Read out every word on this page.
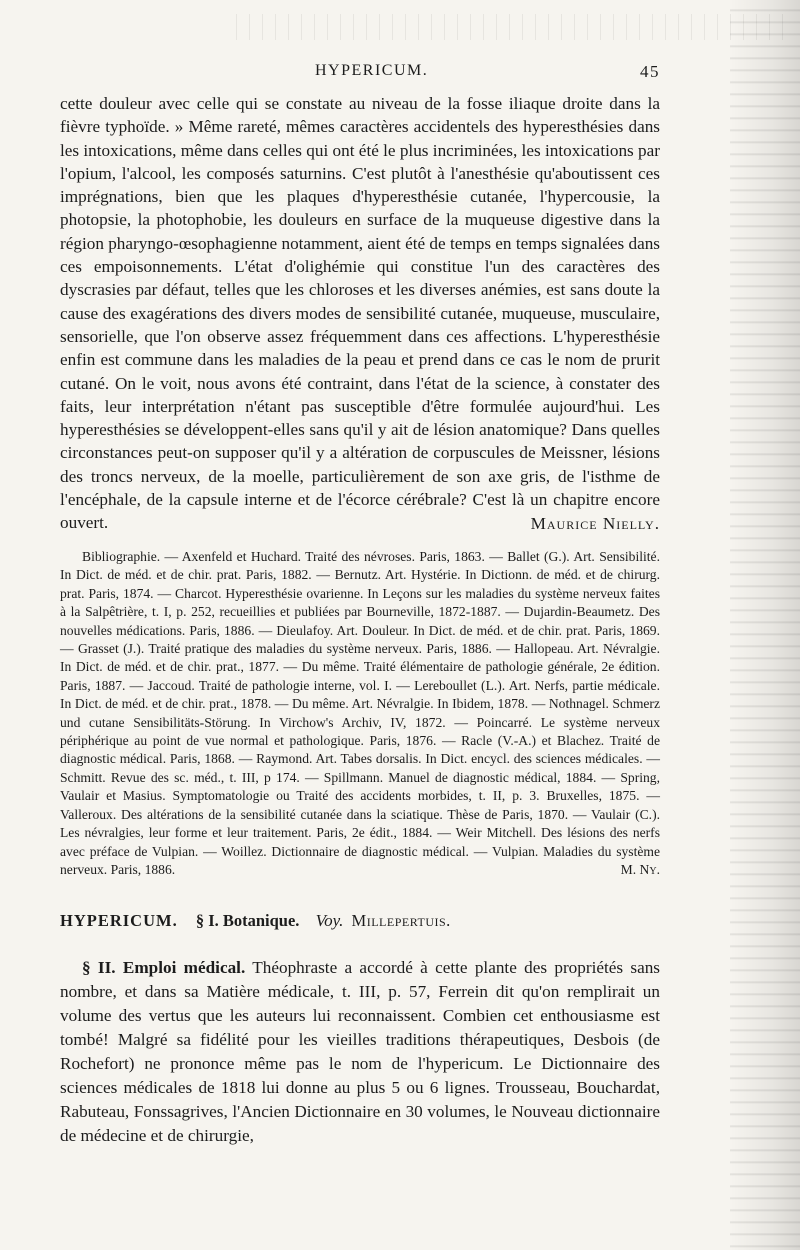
HYPERICUM.	45

cette douleur avec celle qui se constate au niveau de la fosse iliaque droite dans la fièvre typhoïde. » Même rareté, mêmes caractères accidentels des hyperesthésies dans les intoxications, même dans celles qui ont été le plus incriminées, les intoxications par l'opium, l'alcool, les composés saturnins. C'est plutôt à l'anesthésie qu'aboutissent ces imprégnations, bien que les plaques d'hyperesthésie cutanée, l'hypercousie, la photopsie, la photophobie, les douleurs en surface de la muqueuse digestive dans la région pharyngo-œsophagienne notamment, aient été de temps en temps signalées dans ces empoisonnements. L'état d'olighémie qui constitue l'un des caractères des dyscrasies par défaut, telles que les chloroses et les diverses anémies, est sans doute la cause des exagérations des divers modes de sensibilité cutanée, muqueuse, musculaire, sensorielle, que l'on observe assez fréquemment dans ces affections. L'hyperesthésie enfin est commune dans les maladies de la peau et prend dans ce cas le nom de prurit cutané. On le voit, nous avons été contraint, dans l'état de la science, à constater des faits, leur interprétation n'étant pas susceptible d'être formulée aujourd'hui. Les hyperesthésies se développent-elles sans qu'il y ait de lésion anatomique? Dans quelles circonstances peut-on supposer qu'il y a altération de corpuscules de Meissner, lésions des troncs nerveux, de la moelle, particulièrement de son axe gris, de l'isthme de l'encéphale, de la capsule interne et de l'écorce cérébrale? C'est là un chapitre encore ouvert.	Maurice Nielly.

Bibliographie. — Axenfeld et Huchard. Traité des névroses. Paris, 1863. — Ballet (G.). Art. Sensibilité. In Dict. de méd. et de chir. prat. Paris, 1882. — Bernutz. Art. Hystérie. In Dictionn. de méd. et de chirurg. prat. Paris, 1874. — Charcot. Hyperesthésie ovarienne. In Leçons sur les maladies du système nerveux faites à la Salpêtrière, t. I, p. 252, recueillies et publiées par Bourneville, 1872-1887. — Dujardin-Beaumetz. Des nouvelles médications. Paris, 1886. — Dieulafoy. Art. Douleur. In Dict. de méd. et de chir. prat. Paris, 1869. — Grasset (J.). Traité pratique des maladies du système nerveux. Paris, 1886. — Hallopeau. Art. Névralgie. In Dict. de méd. et de chir. prat., 1877. — Du même. Traité élémentaire de pathologie générale, 2e édition. Paris, 1887. — Jaccoud. Traité de pathologie interne, vol. I. — Lereboullet (L.). Art. Nerfs, partie médicale. In Dict. de méd. et de chir. prat., 1878. — Du même. Art. Névralgie. In Ibidem, 1878. — Nothnagel. Schmerz und cutane Sensibilitäts-Störung. In Virchow's Archiv, IV, 1872. — Poincarré. Le système nerveux périphérique au point de vue normal et pathologique. Paris, 1876. — Racle (V.-A.) et Blachez. Traité de diagnostic médical. Paris, 1868. — Raymond. Art. Tabes dorsalis. In Dict. encycl. des sciences médicales. — Schmitt. Revue des sc. méd., t. III, p 174. — Spillmann. Manuel de diagnostic médical, 1884. — Spring, Vaulair et Masius. Symptomatologie ou Traité des accidents morbides, t. II, p. 3. Bruxelles, 1875. — Valleroux. Des altérations de la sensibilité cutanée dans la sciatique. Thèse de Paris, 1870. — Vaulair (C.). Les névralgies, leur forme et leur traitement. Paris, 2e édit., 1884. — Weir Mitchell. Des lésions des nerfs avec préface de Vulpian. — Woillez. Dictionnaire de diagnostic médical. — Vulpian. Maladies du système nerveux. Paris, 1886.	M. Ny.
HYPERICUM. § I. Botanique. Voy. Millepertuis.

§ II. Emploi médical. Théophraste a accordé à cette plante des propriétés sans nombre, et dans sa Matière médicale, t. III, p. 57, Ferrein dit qu'on remplirait un volume des vertus que les auteurs lui reconnaissent. Combien cet enthousiasme est tombé! Malgré sa fidélité pour les vieilles traditions thérapeutiques, Desbois (de Rochefort) ne prononce même pas le nom de l'hypericum. Le Dictionnaire des sciences médicales de 1818 lui donne au plus 5 ou 6 lignes. Trousseau, Bouchardat, Rabuteau, Fonssagrives, l'Ancien Dictionnaire en 30 volumes, le Nouveau dictionnaire de médecine et de chirurgie,
